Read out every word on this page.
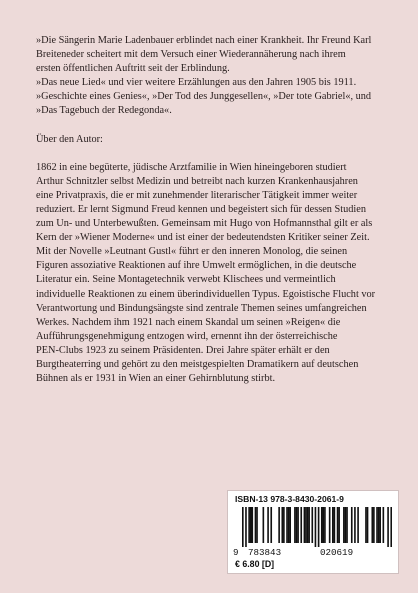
»Die Sängerin Marie Ladenbauer erblindet nach einer Krankheit. Ihr Freund Karl
Breiteneder scheitert mit dem Versuch einer Wiederannäherung nach ihrem
ersten öffentlichen Auftritt seit der Erblindung.
»Das neue Lied« und vier weitere Erzählungen aus den Jahren 1905 bis 1911.
»Geschichte eines Genies«, »Der Tod des Junggesellen«, »Der tote Gabriel«, und
»Das Tagebuch der Redegonda«.

Über den Autor:

1862 in eine begüterte, jüdische Arztfamilie in Wien hineingeboren studiert
Arthur Schnitzler selbst Medizin und betreibt nach kurzen Krankenhausjahren
eine Privatpraxis, die er mit zunehmender literarischer Tätigkeit immer weiter
reduziert. Er lernt Sigmund Freud kennen und begeistert sich für dessen Studien
zum Un- und Unterbewußten. Gemeinsam mit Hugo von Hofmannsthal gilt er als
Kern der »Wiener Moderne« und ist einer der bedeutendsten Kritiker seiner Zeit.
Mit der Novelle »Leutnant Gustl« führt er den inneren Monolog, die seinen
Figuren assoziative Reaktionen auf ihre Umwelt ermöglichen, in die deutsche
Literatur ein. Seine Montagetechnik verwebt Klischees und vermeintlich
individuelle Reaktionen zu einem überindividuellen Typus. Egoistische Flucht vor
Verantwortung und Bindungsängste sind zentrale Themen seines umfangreichen
Werkes. Nachdem ihm 1921 nach einem Skandal um seinen »Reigen« die
Aufführungsgenehmigung entzogen wird, ernennt ihn der österreichische
PEN-Clubs 1923 zu seinem Präsidenten. Drei Jahre später erhält er den
Burgtheaterring und gehört zu den meistgespielten Dramatikern auf deutschen
Bühnen als er 1931 in Wien an einer Gehirnblutung stirbt.

ISBN-13 978-3-8430-2061-9
9 783843	020619
€ 6.80 [D]
